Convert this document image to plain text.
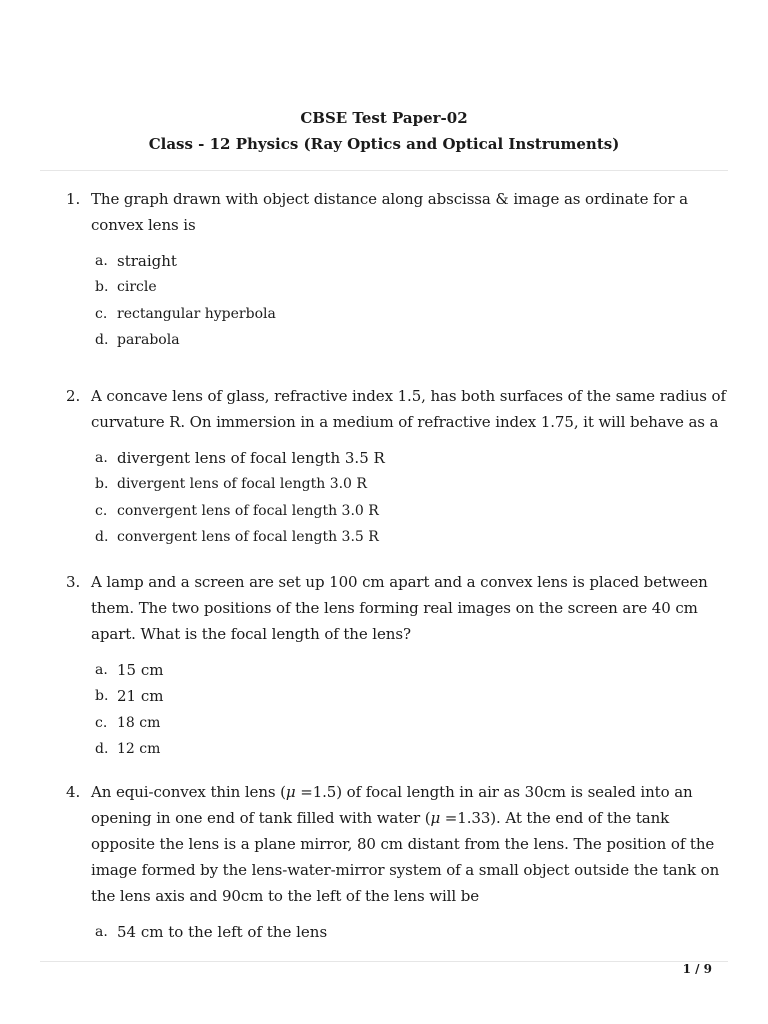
CBSE Test Paper-02

Class - 12 Physics (Ray Optics and Optical Instruments)

1. The graph drawn with object distance along abscissa & image as ordinate for a convex lens is
a. straight
b. circle
c. rectangular hyperbola
d. parabola
2. A concave lens of glass, refractive index 1.5, has both surfaces of the same radius of curvature R. On immersion in a medium of refractive index 1.75, it will behave as a
a. divergent lens of focal length 3.5 R
b. divergent lens of focal length 3.0 R
c. convergent lens of focal length 3.0 R
d. convergent lens of focal length 3.5 R
3. A lamp and a screen are set up 100 cm apart and a convex lens is placed between them. The two positions of the lens forming real images on the screen are 40 cm apart. What is the focal length of the lens?
a. 15 cm
b. 21 cm
c. 18 cm
d. 12 cm
4. An equi-convex thin lens (μ =1.5) of focal length in air as 30cm is sealed into an opening in one end of tank filled with water (μ =1.33). At the end of the tank opposite the lens is a plane mirror, 80 cm distant from the lens. The position of the image formed by the lens-water-mirror system of a small object outside the tank on the lens axis and 90cm to the left of the lens will be
a. 54 cm to the left of the lens
1 / 9
